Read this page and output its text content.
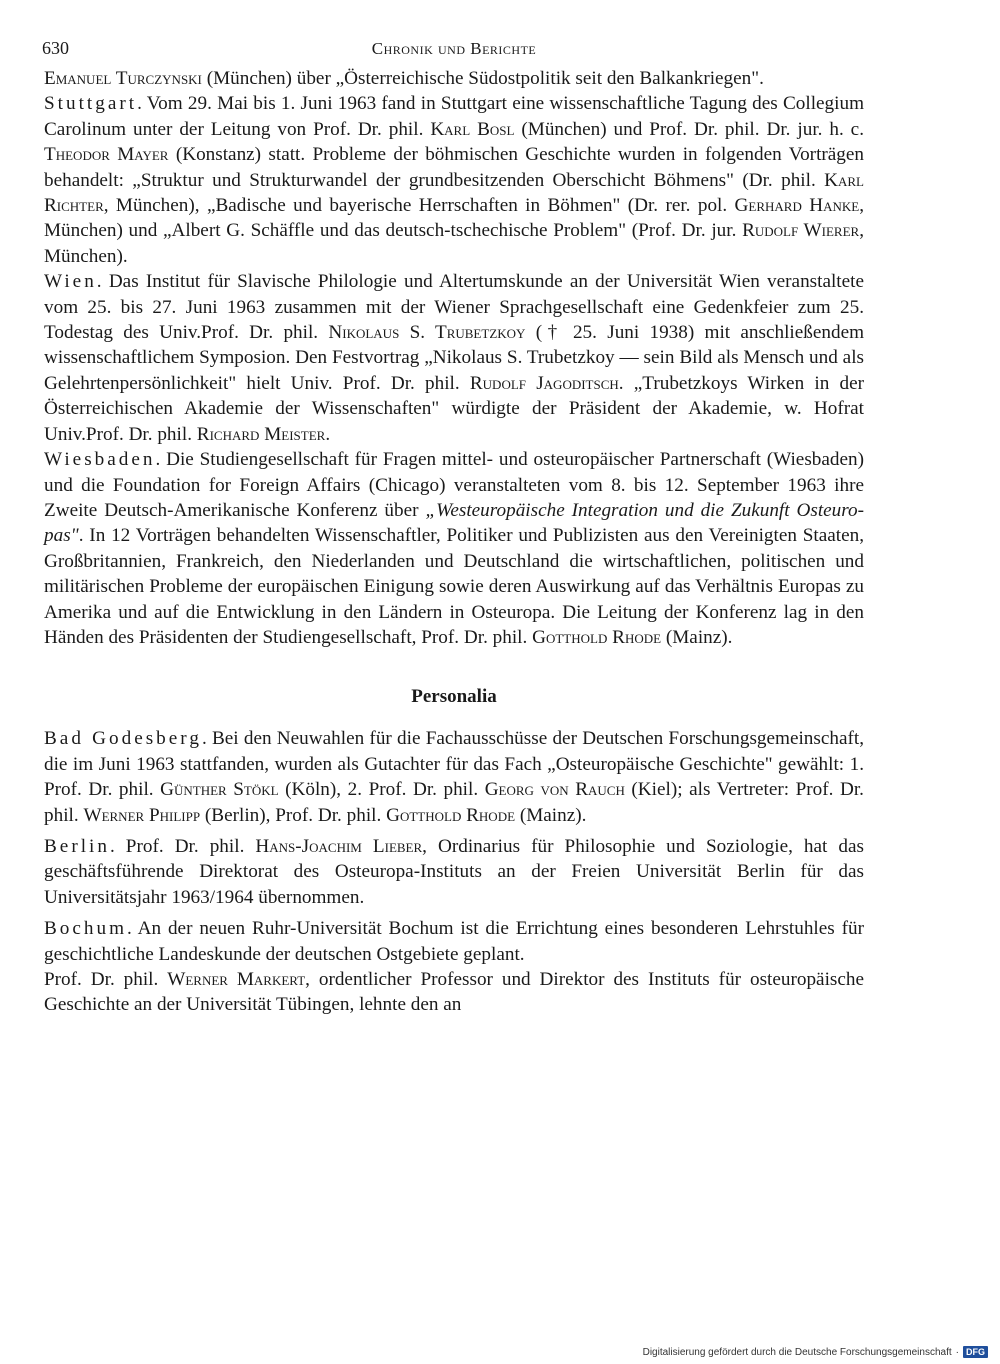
630	Chronik und Berichte

Emanuel Turczynski (München) über „Österreichische Südostpolitik seit den Balkankriegen".

Stuttgart. Vom 29. Mai bis 1. Juni 1963 fand in Stuttgart eine wissenschaftliche Tagung des Collegium Carolinum unter der Leitung von Prof. Dr. phil. Karl Bosl (München) und Prof. Dr. phil. Dr. jur. h. c. Theodor Mayer (Konstanz) statt. Probleme der böhmischen Geschichte wurden in folgenden Vorträgen behandelt: „Struktur und Strukturwandel der grundbesitzenden Oberschicht Böhmens" (Dr. phil. Karl Richter, München), „Badische und bayerische Herrschaften in Böhmen" (Dr. rer. pol. Gerhard Hanke, München) und „Albert G. Schäffle und das deutsch-tschechische Problem" (Prof. Dr. jur. Rudolf Wierer, München).

Wien. Das Institut für Slavische Philologie und Altertumskunde an der Universität Wien veranstaltete vom 25. bis 27. Juni 1963 zusammen mit der Wiener Sprachgesellschaft eine Gedenkfeier zum 25. Todestag des Univ.Prof. Dr. phil. Nikolaus S. Trubetzkoy († 25. Juni 1938) mit anschließendem wissenschaftlichem Symposion. Den Festvortrag „Nikolaus S. Trubetzkoy — sein Bild als Mensch und als Gelehrtenpersönlichkeit" hielt Univ. Prof. Dr. phil. Rudolf Jagoditsch. „Trubetzkoys Wirken in der Österreichischen Akademie der Wissenschaften" würdigte der Präsident der Akademie, w. Hofrat Univ.Prof. Dr. phil. Richard Meister.

Wiesbaden. Die Studiengesellschaft für Fragen mittel- und osteuropäischer Partnerschaft (Wiesbaden) und die Foundation for Foreign Affairs (Chicago) veranstalteten vom 8. bis 12. September 1963 ihre Zweite Deutsch-Amerikanische Konferenz über „Westeuropäische Integration und die Zukunft Osteuropas". In 12 Vorträgen behandelten Wissenschaftler, Politiker und Publizisten aus den Vereinigten Staaten, Großbritannien, Frankreich, den Niederlanden und Deutschland die wirtschaftlichen, politischen und militärischen Probleme der europäischen Einigung sowie deren Auswirkung auf das Verhältnis Europas zu Amerika und auf die Entwicklung in den Ländern in Osteuropa. Die Leitung der Konferenz lag in den Händen des Präsidenten der Studiengesellschaft, Prof. Dr. phil. Gotthold Rhode (Mainz).

Personalia

Bad Godesberg. Bei den Neuwahlen für die Fachausschüsse der Deutschen Forschungsgemeinschaft, die im Juni 1963 stattfanden, wurden als Gutachter für das Fach „Osteuropäische Geschichte" gewählt: 1. Prof. Dr. phil. Günther Stökl (Köln), 2. Prof. Dr. phil. Georg von Rauch (Kiel); als Vertreter: Prof. Dr. phil. Werner Philipp (Berlin), Prof. Dr. phil. Gotthold Rhode (Mainz).

Berlin. Prof. Dr. phil. Hans-Joachim Lieber, Ordinarius für Philosophie und Soziologie, hat das geschäftsführende Direktorat des Osteuropa-Instituts an der Freien Universität Berlin für das Universitätsjahr 1963/1964 übernommen.

Bochum. An der neuen Ruhr-Universität Bochum ist die Errichtung eines besonderen Lehrstuhles für geschichtliche Landeskunde der deutschen Ostgebiete geplant.

Prof. Dr. phil. Werner Markert, ordentlicher Professor und Direktor des Instituts für osteuropäische Geschichte an der Universität Tübingen, lehnte den an

Digitalisierung gefördert durch die Deutsche Forschungsgemeinschaft · DFG
